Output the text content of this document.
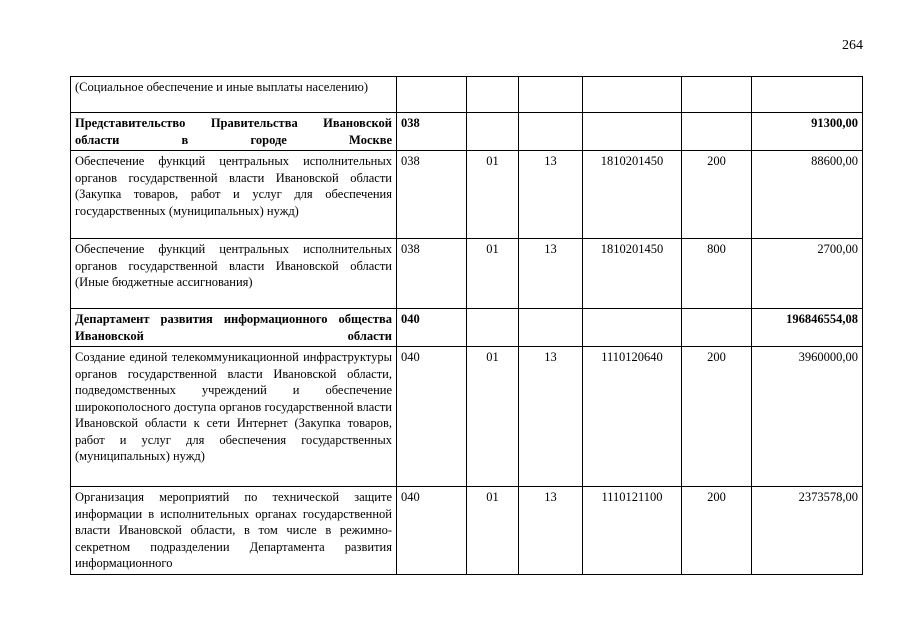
264
(Социальное обеспечение и иные выплаты населению)						
Представительство Правительства Ивановской области в городе Москве	038					91300,00
Обеспечение функций центральных исполнительных органов государственной власти Ивановской области (Закупка товаров, работ и услуг для обеспечения государственных (муниципальных) нужд)	038	01	13	1810201450	200	88600,00
Обеспечение функций центральных исполнительных органов государственной власти Ивановской области (Иные бюджетные ассигнования)	038	01	13	1810201450	800	2700,00
Департамент развития информационного общества Ивановской области	040					196846554,08
Создание единой телекоммуникационной инфраструктуры органов государственной власти Ивановской области, подведомственных учреждений и обеспечение широкополосного доступа органов государственной власти Ивановской области к сети Интернет (Закупка товаров, работ и услуг для обеспечения государственных (муниципальных) нужд)	040	01	13	1110120640	200	3960000,00
Организация мероприятий по технической защите информации в исполнительных органах государственной власти Ивановской области, в том числе в режимно-секретном подразделении Департамента развития информационного	040	01	13	1110121100	200	2373578,00
